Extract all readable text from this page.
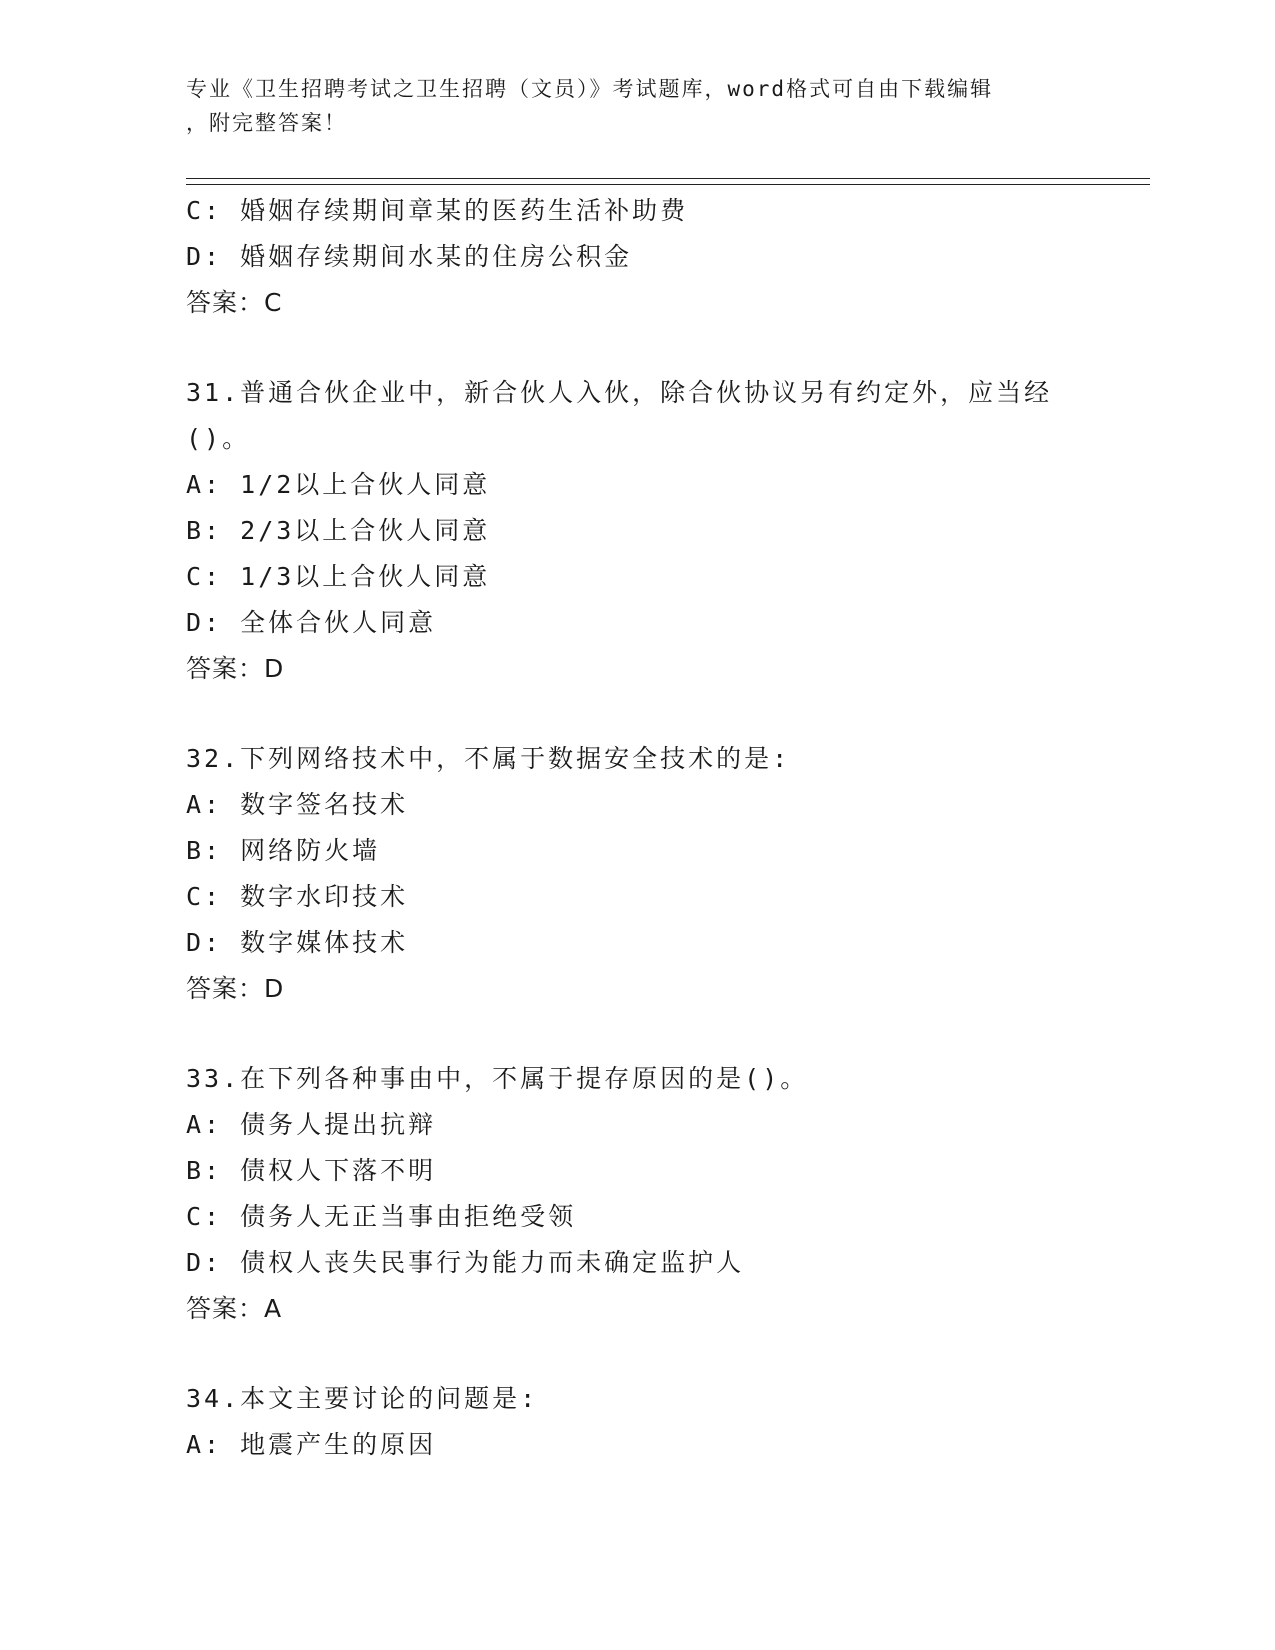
专业《卫生招聘考试之卫生招聘（文员）》考试题库，word格式可自由下载编辑
，附完整答案！
C: 婚姻存续期间章某的医药生活补助费
D: 婚姻存续期间水某的住房公积金
答案：C
31.普通合伙企业中，新合伙人入伙，除合伙协议另有约定外，应当经()。
A: 1/2以上合伙人同意
B: 2/3以上合伙人同意
C: 1/3以上合伙人同意
D: 全体合伙人同意
答案：D
32.下列网络技术中，不属于数据安全技术的是:
A: 数字签名技术
B: 网络防火墙
C: 数字水印技术
D: 数字媒体技术
答案：D
33.在下列各种事由中，不属于提存原因的是()。
A: 债务人提出抗辩
B: 债权人下落不明
C: 债务人无正当事由拒绝受领
D: 债权人丧失民事行为能力而未确定监护人
答案：A
34.本文主要讨论的问题是:
A: 地震产生的原因
